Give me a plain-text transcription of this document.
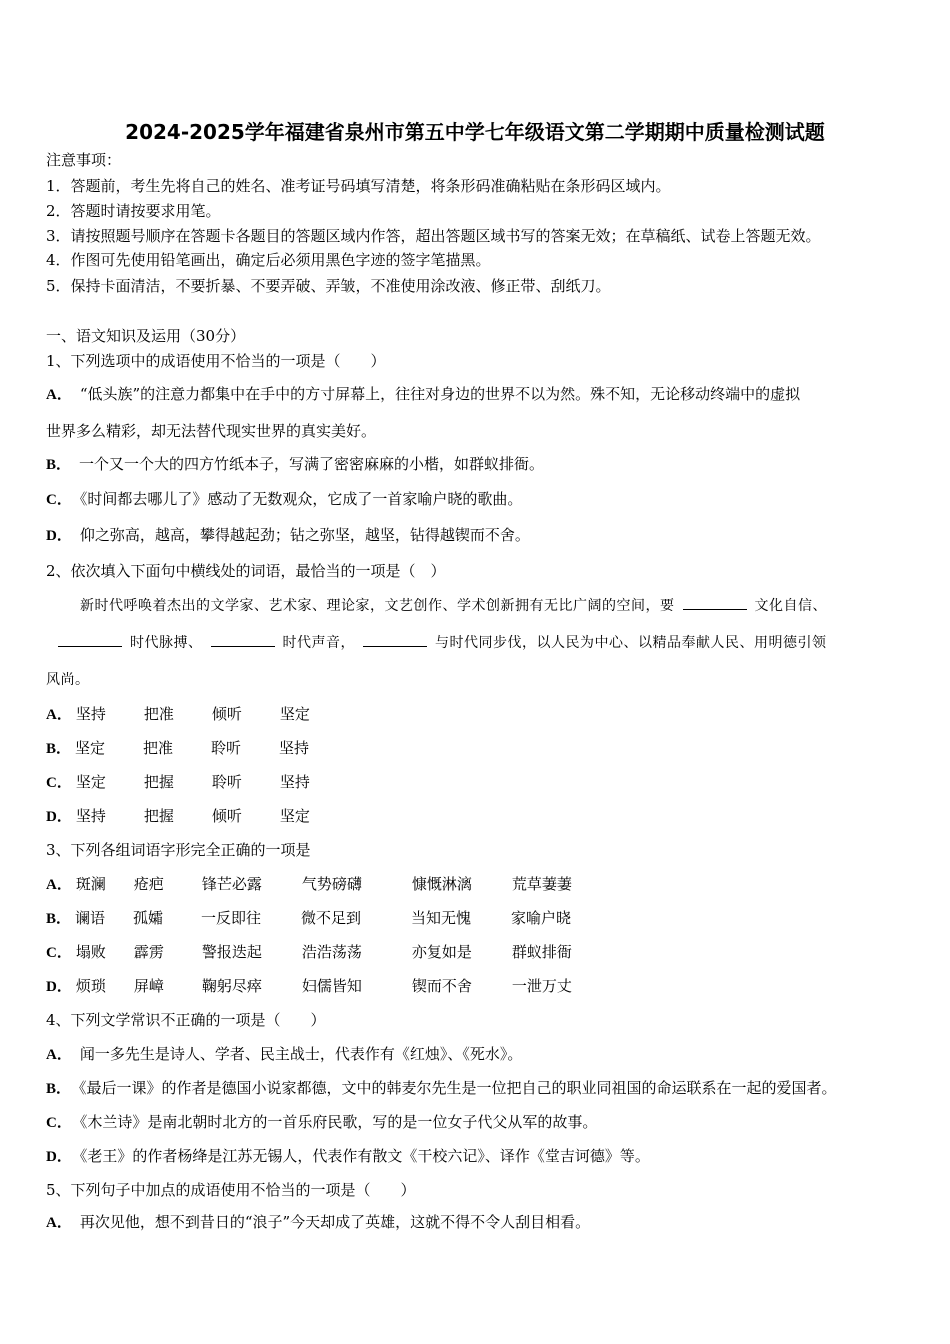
2024-2025学年福建省泉州市第五中学七年级语文第二学期期中质量检测试题
注意事项：
1．答题前，考生先将自己的姓名、准考证号码填写清楚，将条形码准确粘贴在条形码区域内。
2．答题时请按要求用笔。
3．请按照题号顺序在答题卡各题目的答题区域内作答，超出答题区域书写的答案无效；在草稿纸、试卷上答题无效。
4．作图可先使用铅笔画出，确定后必须用黑色字迹的签字笔描黑。
5．保持卡面清洁，不要折暴、不要弄破、弄皱，不准使用涂改液、修正带、刮纸刀。
一、语文知识及运用（30分）
1、下列选项中的成语使用不恰当的一项是（　　）
A． “低头族”的注意力都集中在手中的方寸屏幕上，往往对身边的世界不以为然。殊不知，无论移动终端中的虚拟
世界多么精彩，却无法替代现实世界的真实美好。
B． 一个又一个大的四方竹纸本子，写满了密密麻麻的小楷，如群蚁排衙。
C． 《时间都去哪儿了》感动了无数观众，它成了一首家喻户晓的歌曲。
D． 仰之弥高，越高，攀得越起劲；钻之弥坚，越坚，钻得越锲而不舍。
2、依次填入下面句中横线处的词语，最恰当的一项是（　）
新时代呼唤着杰出的文学家、艺术家、理论家，文艺创作、学术创新拥有无比广阔的空间，要	文化自信、
时代脉搏、	时代声音，	与时代同步伐，以人民为中心、以精品奉献人民、用明德引领
风尚。
A． 坚持	把准	倾听	坚定
B． 坚定	把准	聆听	坚持
C． 坚定	把握	聆听	坚持
D． 坚持	把握	倾听	坚定
3、下列各组词语字形完全正确的一项是
A． 斑澜 疮疤	锋芒必露	气势磅礴	慷慨淋漓	荒草萋萋
B． 谰语 孤孀	一反即往	微不足到	当知无愧	家喻户晓
C． 塌败 霹雳	警报迭起	浩浩荡荡	亦复如是	群蚁排衙
D． 烦琐 屏嶂	鞠躬尽瘁	妇儒皆知	锲而不舍	一泄万丈
4、下列文学常识不正确的一项是（　　）
A． 闻一多先生是诗人、学者、民主战士，代表作有《红烛》、《死水》。
B． 《最后一课》的作者是德国小说家都德，文中的韩麦尔先生是一位把自己的职业同祖国的命运联系在一起的爱国者。
C． 《木兰诗》是南北朝时北方的一首乐府民歌，写的是一位女子代父从军的故事。
D． 《老王》的作者杨绛是江苏无锡人，代表作有散文《干校六记》、译作《堂吉诃德》等。
5、下列句子中加点的成语使用不恰当的一项是（　　）
A． 再次见他，想不到昔日的“浪子”今天却成了英雄，这就不得不令人刮目相看。
